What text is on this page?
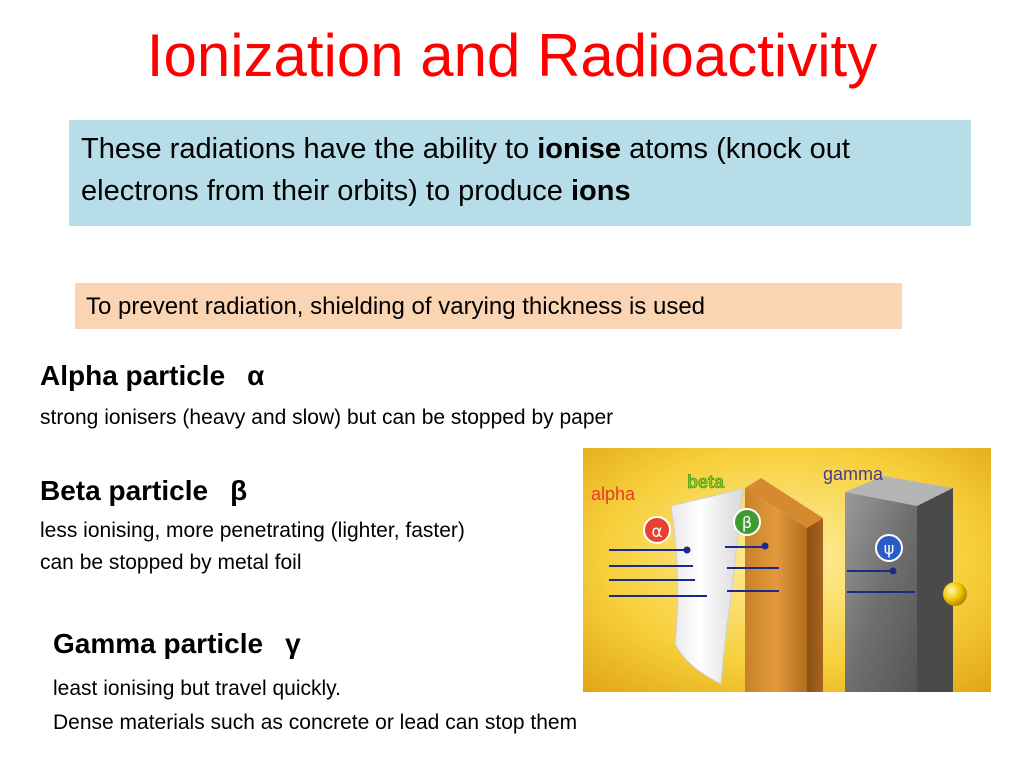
Ionization and Radioactivity
These radiations have the ability to ionise atoms (knock out electrons from their orbits) to produce ions
To prevent radiation, shielding of varying thickness is used
Alpha particle α
strong ionisers (heavy and slow) but can be stopped by paper
Beta particle β
less ionising, more penetrating (lighter, faster)
can be stopped by metal foil
Gamma particle γ
least ionising but travel quickly.
Dense materials such as concrete or lead can stop them
alpha
beta	gamma
α	β
ψ
